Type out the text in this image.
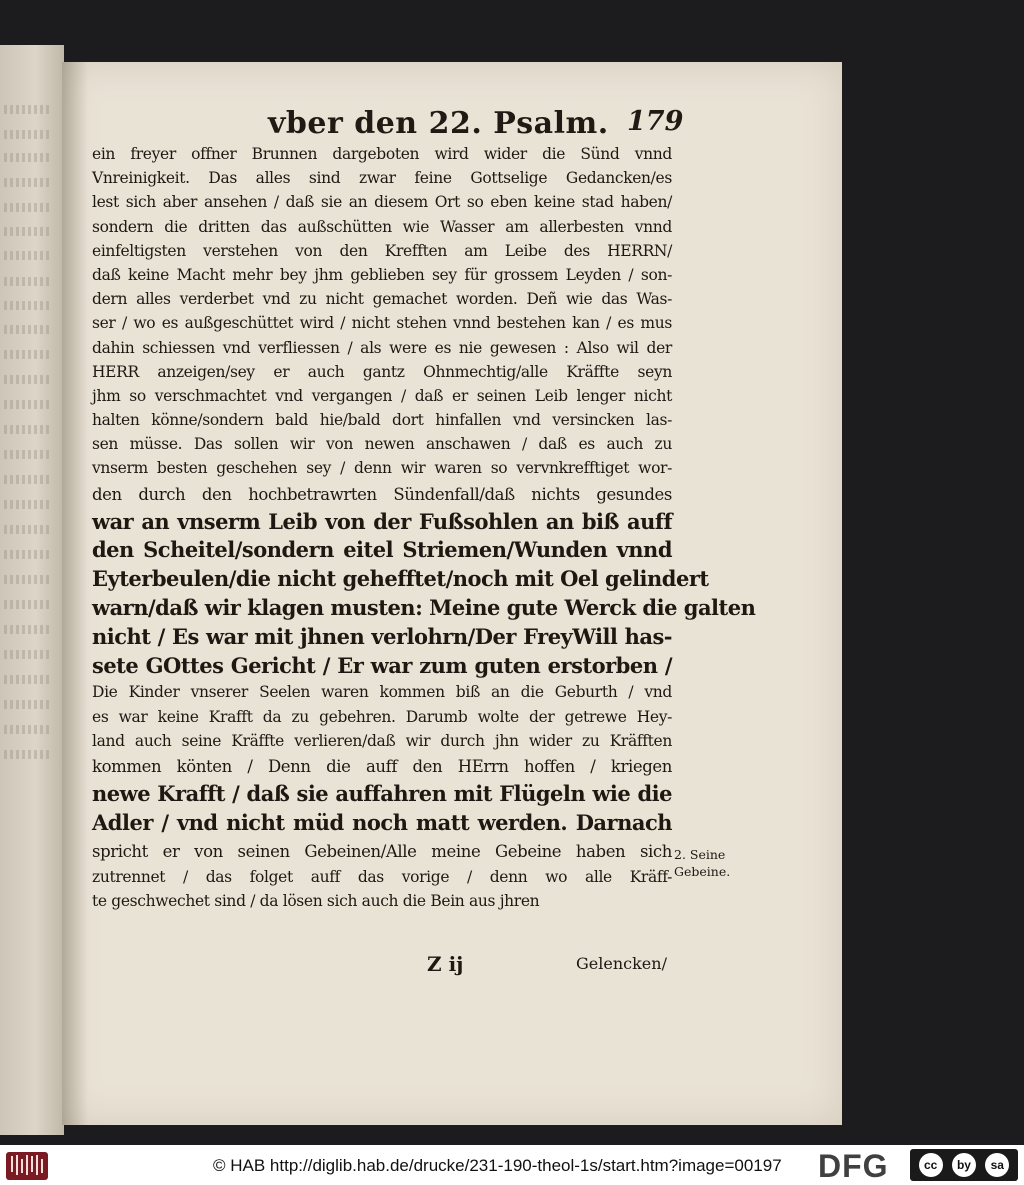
vber den 22. Psalm. 179
ein freyer offner Brunnen dargeboten wird wider die Sünd vnnd
Vnreinigkeit. Das alles sind zwar feine Gottselige Gedancken/es
lest sich aber ansehen / daß sie an diesem Ort so eben keine stad haben/
sondern die dritten das außschütten wie Wasser am allerbesten vnnd
einfeltigsten verstehen von den Krefften am Leibe des HERRN/
daß keine Macht mehr bey jhm geblieben sey für grossem Leyden / son-
dern alles verderbet vnd zu nicht gemachet worden. Deñ wie das Was-
ser / wo es außgeschüttet wird / nicht stehen vnnd bestehen kan / es mus
dahin schiessen vnd verfliessen / als were es nie gewesen : Also wil der
HERR anzeigen/sey er auch gantz Ohnmechtig/alle Kräffte seyn
jhm so verschmachtet vnd vergangen / daß er seinen Leib lenger nicht
halten könne/sondern bald hie/bald dort hinfallen vnd versincken las-
sen müsse. Das sollen wir von newen anschawen / daß es auch zu
vnserm besten geschehen sey / denn wir waren so vervnkrefftiget wor-
den durch den hochbetrawrten Sündenfall/daß nichts gesundes
war an vnserm Leib von der Fußsohlen an biß auff
den Scheitel/sondern eitel Striemen/Wunden vnnd
Eyterbeulen/die nicht gehefftet/noch mit Oel gelindert
warn/daß wir klagen musten: Meine gute Werck die galten
nicht / Es war mit jhnen verlohrn/Der FreyWill has-
sete GOttes Gericht / Er war zum guten erstorben /
Die Kinder vnserer Seelen waren kommen biß an die Geburth / vnd
es war keine Krafft da zu gebehren. Darumb wolte der getrewe Hey-
land auch seine Kräffte verlieren/daß wir durch jhn wider zu Kräfften
kommen könten / Denn die auff den HErrn hoffen / kriegen
newe Krafft / daß sie auffahren mit Flügeln wie die
Adler / vnd nicht müd noch matt werden. Darnach
spricht er von seinen Gebeinen/Alle meine Gebeine haben sich
zutrennet / das folget auff das vorige / denn wo alle Kräff-
te geschwechet sind / da lösen sich auch die Bein aus jhren
Z ij	Gelencken/
2. Seine Gebeine.
© HAB http://diglib.hab.de/drucke/231-190-theol-1s/start.htm?image=00197 DFG	cc	by	sa
